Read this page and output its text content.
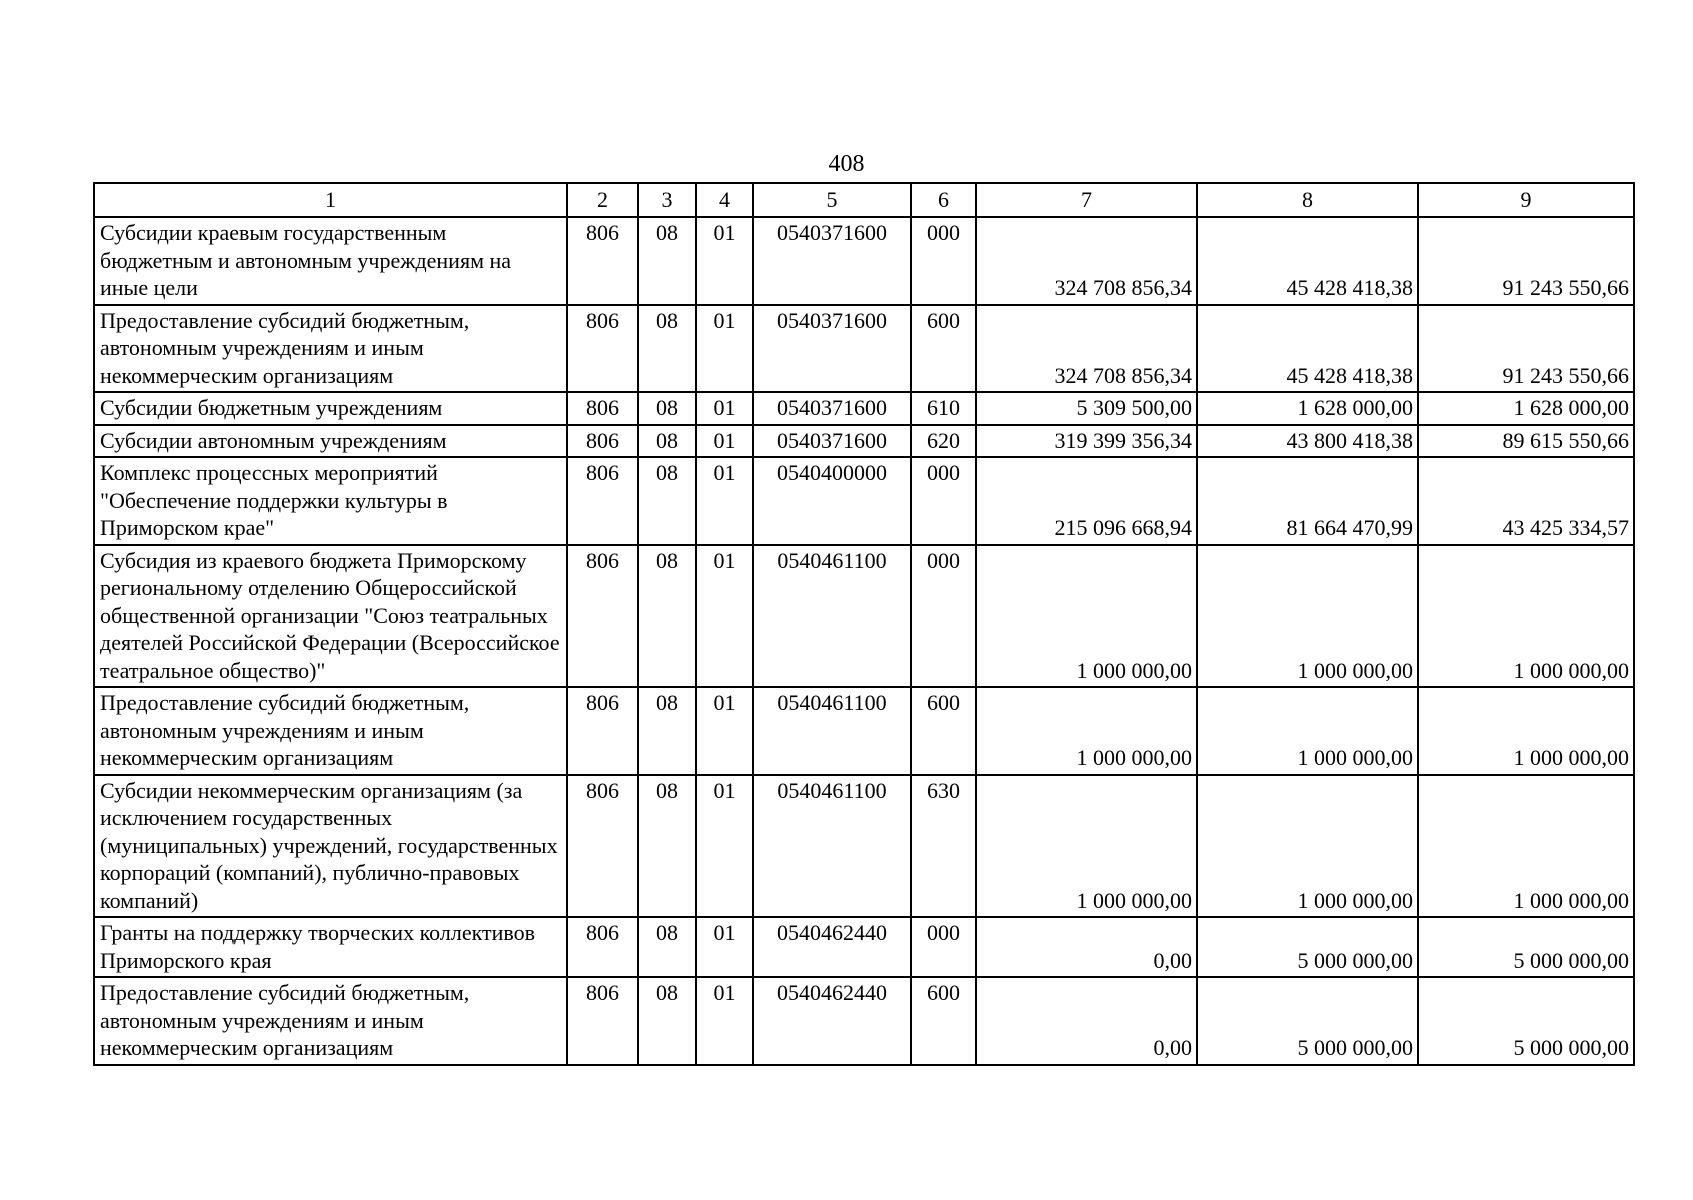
408
1	2	3	4	5	6	7	8	9
Субсидии краевым государственным бюджетным и автономным учреждениям на иные цели	806	08	01	0540371600	000	324 708 856,34	45 428 418,38	91 243 550,66
Предоставление субсидий бюджетным, автономным учреждениям и иным некоммерческим организациям	806	08	01	0540371600	600	324 708 856,34	45 428 418,38	91 243 550,66
Субсидии бюджетным учреждениям	806	08	01	0540371600	610	5 309 500,00	1 628 000,00	1 628 000,00
Субсидии автономным учреждениям	806	08	01	0540371600	620	319 399 356,34	43 800 418,38	89 615 550,66
Комплекс процессных мероприятий "Обеспечение поддержки культуры в Приморском крае"	806	08	01	0540400000	000	215 096 668,94	81 664 470,99	43 425 334,57
Субсидия из краевого бюджета Приморскому региональному отделению Общероссийской общественной организации "Союз театральных деятелей Российской Федерации (Всероссийское театральное общество)"	806	08	01	0540461100	000	1 000 000,00	1 000 000,00	1 000 000,00
Предоставление субсидий бюджетным, автономным учреждениям и иным некоммерческим организациям	806	08	01	0540461100	600	1 000 000,00	1 000 000,00	1 000 000,00
Субсидии некоммерческим организациям (за исключением государственных (муниципальных) учреждений, государственных корпораций (компаний), публично-правовых компаний)	806	08	01	0540461100	630	1 000 000,00	1 000 000,00	1 000 000,00
Гранты на поддержку творческих коллективов Приморского края	806	08	01	0540462440	000	0,00	5 000 000,00	5 000 000,00
Предоставление субсидий бюджетным, автономным учреждениям и иным некоммерческим организациям	806	08	01	0540462440	600	0,00	5 000 000,00	5 000 000,00
